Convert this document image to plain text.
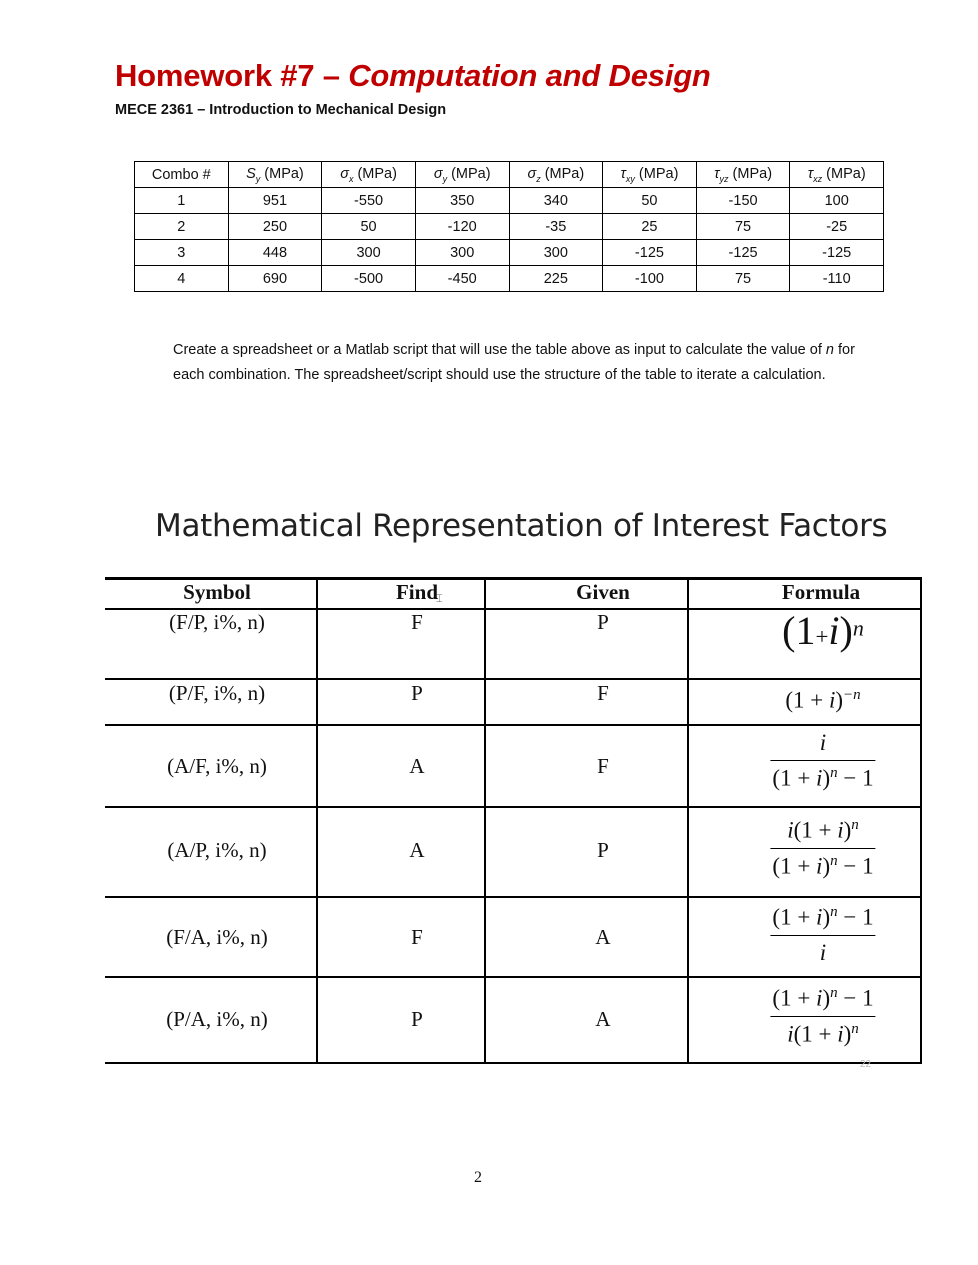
Homework #7 – Computation and Design
MECE 2361 – Introduction to Mechanical Design
Combo #	$S_y$ (MPa)	$\sigma_x$ (MPa)	$\sigma_y$ (MPa)	$\sigma_z$ (MPa)	$\tau_{xy}$ (MPa)	$\tau_{yz}$ (MPa)	$\tau_{xz}$ (MPa)
1	951	-550	350	340	50	-150	100
2	250	50	-120	-35	25	75	-25
3	448	300	300	300	-125	-125	-125
4	690	-500	-450	225	-100	75	-110
Create a spreadsheet or a Matlab script that will use the table above as input to calculate the value of n for each combination. The spreadsheet/script should use the structure of the table to iterate a calculation.
Mathematical Representation of Interest Factors
Symbol	Find	Given	Formula
(F/P, i%, n)	F	P	$(1+i)^n$
(P/F, i%, n)	P	F	$(1 + i)^{-n}$
(A/F, i%, n)	A	F	$\frac{i}{(1 + i)^n - 1}$
(A/P, i%, n)	A	P	$\frac{i(1 + i)^n}{(1 + i)^n - 1}$
(F/A, i%, n)	F	A	$\frac{(1 + i)^n - 1}{i}$
(P/A, i%, n)	P	A	$\frac{(1 + i)^n - 1}{i(1 + i)^n}$
⌶
22
2
